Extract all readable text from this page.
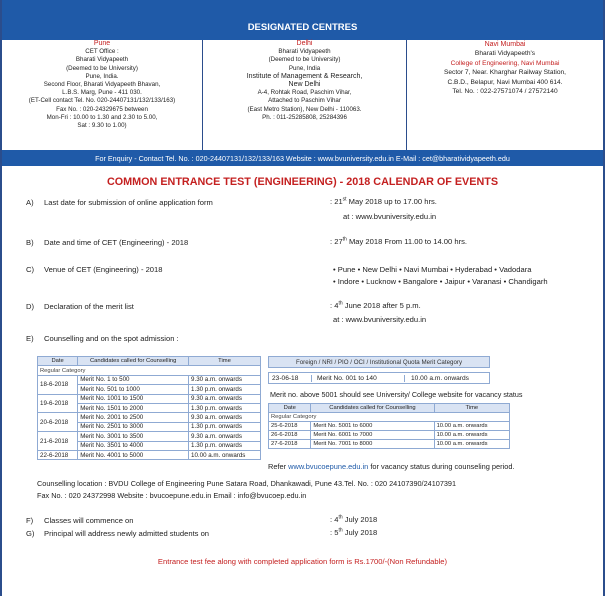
DESIGNATED CENTRES
Pune
CET Office :
Bharati Vidyapeeth
(Deemed to be University)
Pune, India.
Second Floor, Bharati Vidyapeeth Bhavan,
L.B.S. Marg, Pune - 411 030.
(ET-Cell contact Tel. No. 020-24407131/132/133/163)
Fax No. : 020-24329675 between
Mon-Fri : 10.00 to 1.30 and 2.30 to 5.00,
Sat : 9.30 to 1.00)
Delhi
Bharati Vidyapeeth
(Deemed to be University)
Pune, India
Institute of Management & Research,
New Delhi
A-4, Rohtak Road, Paschim Vihar,
Attached to Paschim Vihar
(East Metro Station), New Delhi - 110063.
Ph. : 011-25285808, 25284396
Navi Mumbai
Bharati Vidyapeeth's
College of Engineering, Navi Mumbai
Sector 7, Near. Kharghar Railway Station,
C.B.D., Belapur, Navi Mumbai 400 614.
Tel. No. : 022-27571074 / 27572140
For Enquiry - Contact Tel. No. : 020-24407131/132/133/163 Website : www.bvuniversity.edu.in E-Mail : cet@bharatividyapeeth.edu
COMMON ENTRANCE TEST (ENGINEERING) - 2018 CALENDAR OF EVENTS
A) Last date for submission of online application form	: 21st May 2018 up to 17.00 hrs.
at : www.bvuniversity.edu.in
B) Date and time of CET (Engineering) - 2018	: 27th May 2018 From 11.00 to 14.00 hrs.
C) Venue of CET (Engineering) - 2018	• Pune • New Delhi • Navi Mumbai • Hyderabad • Vadodara
• Indore • Lucknow • Bangalore • Jaipur • Varanasi • Chandigarh
D) Declaration of the merit list	: 4th June 2018 after 5 p.m.
at : www.bvuniversity.edu.in
E) Counselling and on the spot admission :
Date	Candidates called for Counselling	Time
Regular Category		
18-6-2018	Merit No. 1 to 500	9.30 a.m. onwards
	Merit No. 501 to 1000	1.30 p.m. onwards
19-6-2018	Merit No. 1001 to 1500	9.30 a.m. onwards
	Merit No. 1501 to 2000	1.30 p.m. onwards
20-6-2018	Merit No. 2001 to 2500	9.30 a.m. onwards
	Merit No. 2501 to 3000	1.30 p.m. onwards
21-6-2018	Merit No. 3001 to 3500	9.30 a.m. onwards
	Merit No. 3501 to 4000	1.30 p.m. onwards
22-6-2018	Merit No. 4001 to 5000	10.00 a.m. onwards
Foreign / NRI / PIO / OCI / Institutional Quota Merit Category
23-06-18	Merit No. 001 to 140	10.00 a.m. onwards
Merit no. above 5001 should see University/ College website for vacancy status
Date	Candidates called for Counselling	Time
Regular Category		
25-6-2018	Merit No. 5001 to 6000	10.00 a.m. onwards
26-6-2018	Merit No. 6001 to 7000	10.00 a.m. onwards
27-6-2018	Merit No. 7001 to 8000	10.00 a.m. onwards
Refer www.bvucoepune.edu.in for vacancy status during counseling period.
Counselling location : BVDU College of Engineering Pune Satara Road, Dhankawadi, Pune 43.Tel. No. : 020 24107390/24107391
Fax No. : 020 24372998 Website : bvucoepune.edu.in Email : info@bvucoep.edu.in
F) Classes will commence on	: 4th July 2018
G) Principal will address newly admitted students on	: 5th July 2018
Entrance test fee along with completed application form is Rs.1700/-(Non Refundable)
